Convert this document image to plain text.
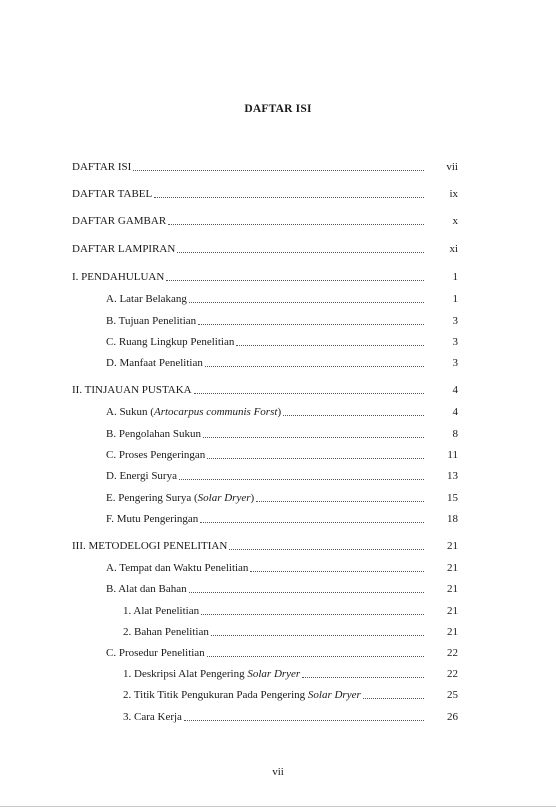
DAFTAR ISI
DAFTAR ISI	vii
DAFTAR TABEL	ix
DAFTAR GAMBAR	x
DAFTAR LAMPIRAN	xi
I. PENDAHULUAN	1
A. Latar Belakang	1
B. Tujuan Penelitian	3
C. Ruang Lingkup Penelitian	3
D. Manfaat Penelitian	3
II. TINJAUAN PUSTAKA	4
A. Sukun (Artocarpus communis Forst)	4
B. Pengolahan Sukun	8
C. Proses Pengeringan	11
D. Energi Surya	13
E. Pengering Surya (Solar Dryer)	15
F. Mutu Pengeringan	18
III. METODELOGI PENELITIAN	21
A. Tempat dan Waktu Penelitian	21
B. Alat dan Bahan	21
1. Alat Penelitian	21
2. Bahan Penelitian	21
C. Prosedur Penelitian	22
1. Deskripsi Alat Pengering Solar Dryer	22
2. Titik Titik Pengukuran Pada Pengering Solar Dryer	25
3. Cara Kerja	26
vii
